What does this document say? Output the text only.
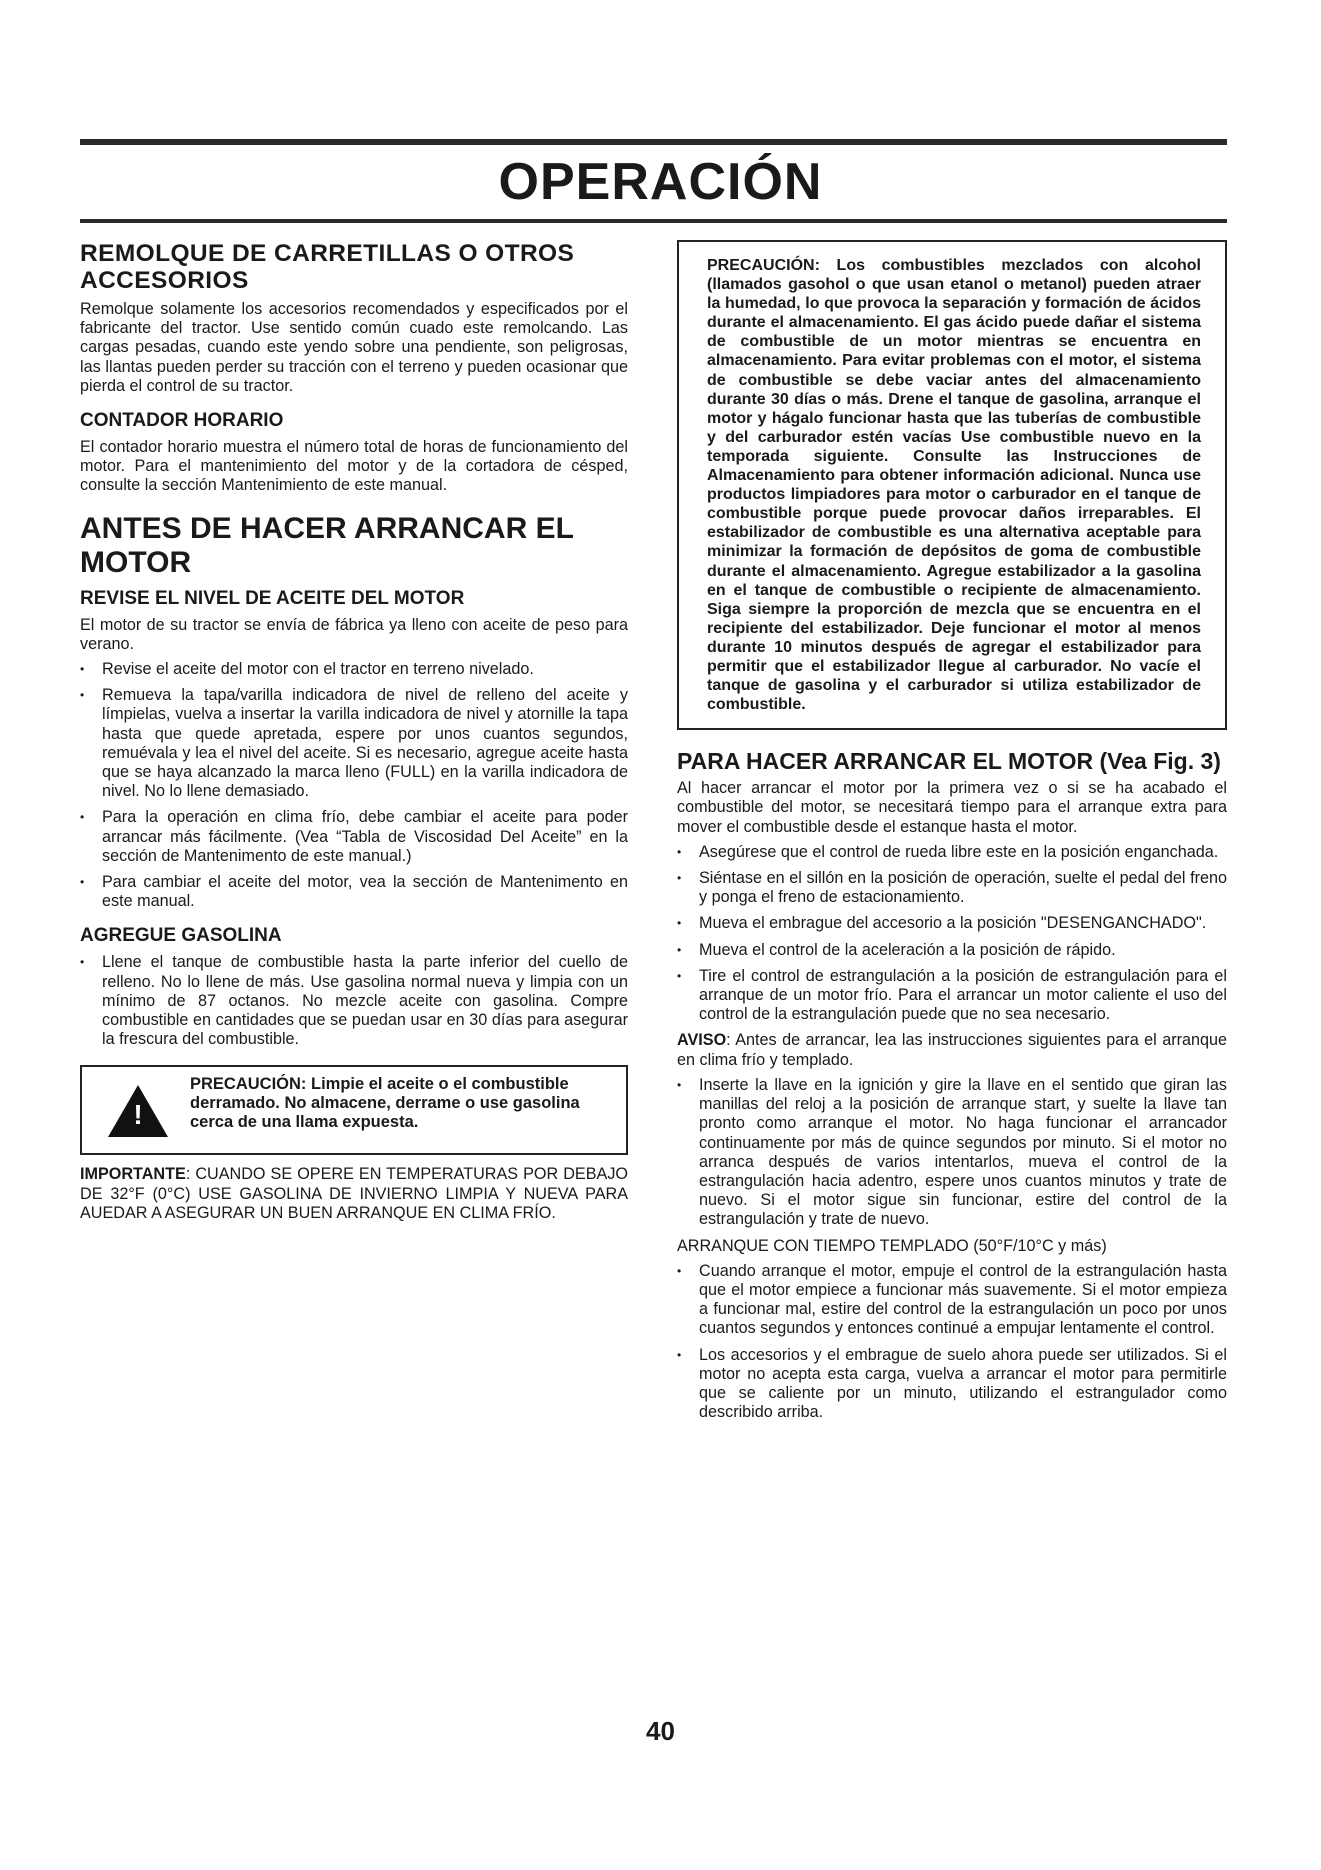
OPERACIÓN
REMOLQUE DE CARRETILLAS O OTROS ACCESORIOS

Remolque solamente los accesorios recomendados y especificados por el fabricante del tractor. Use sentido común cuado este remolcando. Las cargas pesadas, cuando este yendo sobre una pendiente, son peligrosas, las llantas pueden perder su tracción con el terreno y pueden ocasionar que pierda el control de su tractor.

CONTADOR HORARIO

El contador horario muestra el número total de horas de funcionamiento del motor. Para el mantenimiento del motor y de la cortadora de césped, consulte la sección Mantenimiento de este manual.

ANTES DE HACER ARRANCAR EL MOTOR
REVISE EL NIVEL DE ACEITE DEL MOTOR

El motor de su tractor se envía de fábrica ya lleno con aceite de peso para verano.

• Revise el aceite del motor con el tractor en terreno nivelado.
• Remueva la tapa/varilla indicadora de nivel de relleno del aceite y límpielas, vuelva a insertar la varilla indicadora de nivel y atornille la tapa hasta que quede apretada, espere por unos cuantos segundos, remuévala y lea el nivel del aceite. Si es necesario, agregue aceite hasta que se haya alcanzado la marca lleno (FULL) en la varilla indicadora de nivel. No lo llene demasiado.
• Para la operación en clima frío, debe cambiar el aceite para poder arrancar más fácilmente. (Vea “Tabla de Viscosidad Del Aceite” en la sección de Mantenimento de este manual.)
• Para cambiar el aceite del motor, vea la sección de Mantenimento en este manual.
AGREGUE GASOLINA
• Llene el tanque de combustible hasta la parte inferior del cuello de relleno. No lo llene de más. Use gasolina normal nueva y limpia con un mínimo de 87 octanos. No mezcle aceite con gasolina. Compre combustible en cantidades que se puedan usar en 30 días para asegurar la frescura del combustible.
!
PRECAUCIÓN: Limpie el aceite o el combustible derramado. No almacene, derrame o use gasolina cerca de una llama expuesta.

IMPORTANTE: CUANDO SE OPERE EN TEMPERATURAS POR DEBAJO DE 32°F (0°C) USE GASOLINA DE INVIERNO LIMPIA Y NUEVA PARA AUEDAR A ASEGURAR UN BUEN ARRANQUE EN CLIMA FRÍO.

PRECAUCIÓN: Los combustibles mezclados con alcohol (llamados gasohol o que usan etanol o metanol) pueden atraer la humedad, lo que provoca la separación y formación de ácidos durante el almacenamiento. El gas ácido puede dañar el sistema de combustible de un motor mientras se encuentra en almacenamiento. Para evitar problemas con el motor, el sistema de combustible se debe vaciar antes del almacenamiento durante 30 días o más. Drene el tanque de gasolina, arranque el motor y hágalo funcionar hasta que las tuberías de combustible y del carburador estén vacías Use combustible nuevo en la temporada siguiente. Consulte las Instrucciones de Almacenamiento para obtener información adicional. Nunca use productos limpiadores para motor o carburador en el tanque de combustible porque puede provocar daños irreparables. El estabilizador de combustible es una alternativa aceptable para minimizar la formación de depósitos de goma de combustible durante el almacenamiento. Agregue estabilizador a la gasolina en el tanque de combustible o recipiente de almacenamiento. Siga siempre la proporción de mezcla que se encuentra en el recipiente del estabilizador. Deje funcionar el motor al menos durante 10 minutos después de agregar el estabilizador para permitir que el estabilizador llegue al carburador. No vacíe el tanque de gasolina y el carburador si utiliza estabilizador de combustible.
PARA HACER ARRANCAR EL MOTOR (Vea Fig. 3)

Al hacer arrancar el motor por la primera vez o si se ha acabado el combustible del motor, se necesitará tiempo para el arranque extra para mover el combustible desde el estanque hasta el motor.

• Asegúrese que el control de rueda libre este en la posición enganchada.
• Siéntase en el sillón en la posición de operación, suelte el pedal del freno y ponga el freno de estacionamiento.
• Mueva el embrague del accesorio a la posición "DESENGANCHADO".
• Mueva el control de la aceleración a la posición de rápido.
• Tire el control de estrangulación a la posición de estrangulación para el arranque de un motor frío. Para el arrancar un motor caliente el uso del control de la estrangulación puede que no sea necesario.

AVISO: Antes de arrancar, lea las instrucciones siguientes para el arranque en clima frío y templado.

• Inserte la llave en la ignición y gire la llave en el sentido que giran las manillas del reloj a la posición de arranque start, y suelte la llave tan pronto como arranque el motor. No haga funcionar el arrancador continuamente por más de quince segundos por minuto. Si el motor no arranca después de varios intentarlos, mueva el control de la estrangulación hacia adentro, espere unos cuantos minutos y trate de nuevo. Si el motor sigue sin funcionar, estire del control de la estrangulación y trate de nuevo.

ARRANQUE CON TIEMPO TEMPLADO (50°F/10°C y más)

• Cuando arranque el motor, empuje el control de la estrangulación hasta que el motor empiece a funcionar más suavemente. Si el motor empieza a funcionar mal, estire del control de la estrangulación un poco por unos cuantos segundos y entonces continué a empujar lentamente el control.
• Los accesorios y el embrague de suelo ahora puede ser utilizados. Si el motor no acepta esta carga, vuelva a arrancar el motor para permitirle que se caliente por un minuto, utilizando el estrangulador como describido arriba.
40
